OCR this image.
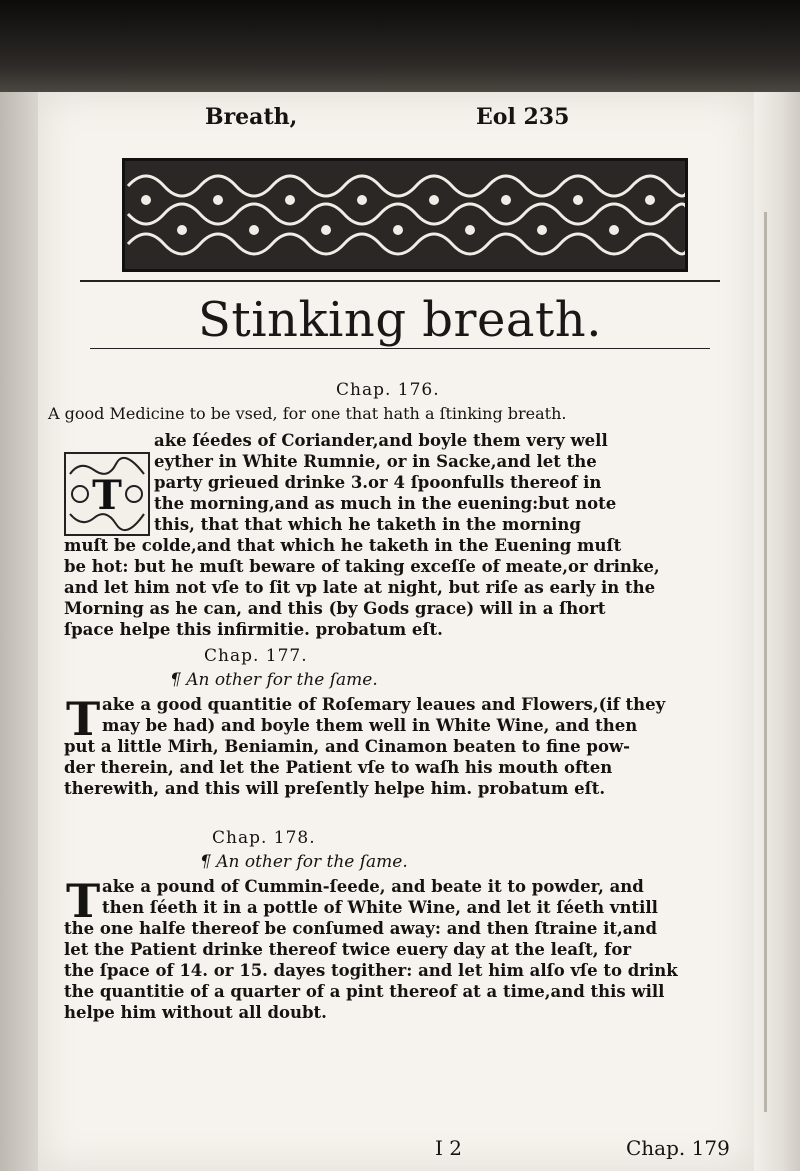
Breath,	Eol 235
Stinking breath.
Chap. 176.
A good Medicine to be vsed, for one that hath a ſtinking breath.
T

ake ſéedes of Coriander,and boyle them very well

eyther in White Rumnie, or in Sacke,and let the

party grieued drinke 3.or 4 ſpoonfulls thereof in

the morning,and as much in the euening:but note

this, that that which he taketh in the morning

muſt be colde,and that which he taketh in the Euening muſt

be hot: but he muſt beware of taking exceſſe of meate,or drinke,

and let him not vſe to ſit vp late at night, but riſe as early in the

Morning as he can, and this (by Gods grace) will in a ſhort

ſpace helpe this infirmitie. probatum eſt.

Chap. 177.
¶ An other for the ſame.
T ake a good quantitie of Roſemary leaues and Flowers,(if they

may be had) and boyle them well in White Wine, and then

put a little Mirh, Beniamin, and Cinamon beaten to fine pow-

der therein, and let the Patient vſe to waſh his mouth often

therewith, and this will preſently helpe him. probatum eſt.

Chap. 178.
¶ An other for the ſame.
T ake a pound of Cummin-ſeede, and beate it to powder, and

then ſéeth it in a pottle of White Wine, and let it ſéeth vntill

the one halfe thereof be conſumed away: and then ſtraine it,and

let the Patient drinke thereof twice euery day at the leaſt, for

the ſpace of 14. or 15. dayes togither: and let him alſo vſe to drink

the quantitie of a quarter of a pint thereof at a time,and this will

helpe him without all doubt.

I 2	Chap. 179
